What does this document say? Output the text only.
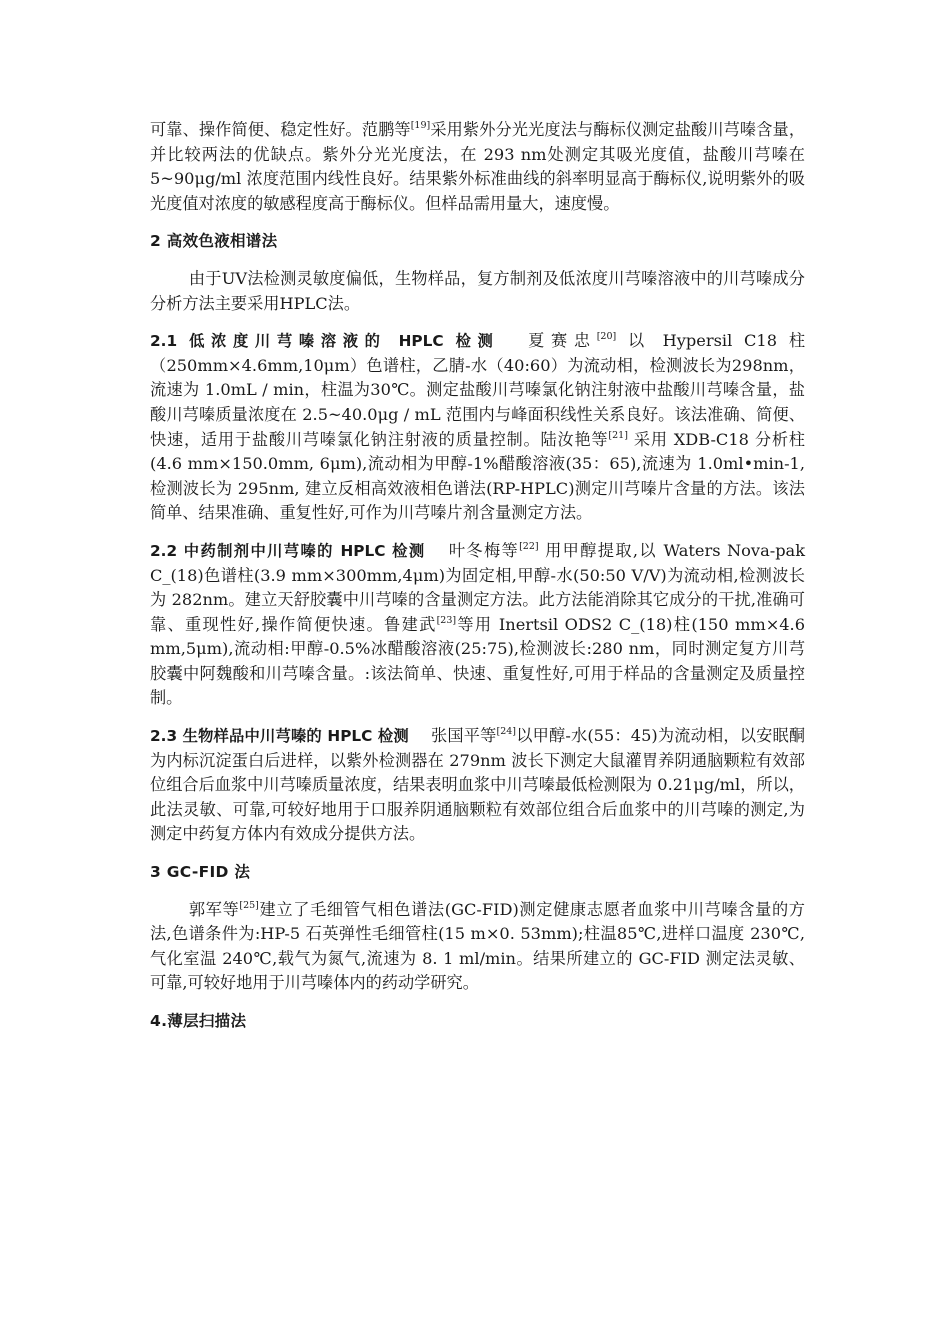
可靠、操作简便、稳定性好。范鹏等[19]采用紫外分光光度法与酶标仪测定盐酸川芎嗪含量，并比较两法的优缺点。紫外分光光度法，在 293 nm处测定其吸光度值，盐酸川芎嗪在 5~90μg/ml 浓度范围内线性良好。结果紫外标准曲线的斜率明显高于酶标仪,说明紫外的吸光度值对浓度的敏感程度高于酶标仪。但样品需用量大，速度慢。

2 高效色液相谱法

由于UV法检测灵敏度偏低，生物样品，复方制剂及低浓度川芎嗪溶液中的川芎嗪成分分析方法主要采用HPLC法。

2.1 低浓度川芎嗪溶液的 HPLC 检测 夏赛忠[20] 以 Hypersil C18 柱 （250mm×4.6mm,10μm）色谱柱，乙腈-水（40:60）为流动相，检测波长为298nm，流速为 1.0mL / min，柱温为30℃。测定盐酸川芎嗪氯化钠注射液中盐酸川芎嗪含量，盐酸川芎嗪质量浓度在 2.5~40.0μg / mL 范围内与峰面积线性关系良好。该法准确、简便、快速，适用于盐酸川芎嗪氯化钠注射液的质量控制。陆汝艳等[21] 采用 XDB-C18 分析柱(4.6 mm×150.0mm, 6μm),流动相为甲醇-1%醋酸溶液(35：65),流速为 1.0ml•min-1,检测波长为 295nm, 建立反相高效液相色谱法(RP-HPLC)测定川芎嗪片含量的方法。该法简单、结果准确、重复性好,可作为川芎嗪片剂含量测定方法。

2.2 中药制剂中川芎嗪的 HPLC 检测 叶冬梅等[22] 用甲醇提取,以 Waters Nova-pak C_(18)色谱柱(3.9 mm×300mm,4μm)为固定相,甲醇-水(50:50 V/V)为流动相,检测波长为 282nm。建立天舒胶囊中川芎嗪的含量测定方法。此方法能消除其它成分的干扰,准确可靠、重现性好,操作简便快速。鲁建武[23]等用 Inertsil ODS2 C_(18)柱(150 mm×4.6 mm,5μm),流动相:甲醇-0.5%冰醋酸溶液(25:75),检测波长:280 nm，同时测定复方川芎胶囊中阿魏酸和川芎嗪含量。:该法简单、快速、重复性好,可用于样品的含量测定及质量控制。

2.3 生物样品中川芎嗪的 HPLC 检测 张国平等[24]以甲醇-水(55：45)为流动相，以安眠酮为内标沉淀蛋白后进样，以紫外检测器在 279nm 波长下测定大鼠灌胃养阴通脑颗粒有效部位组合后血浆中川芎嗪质量浓度，结果表明血浆中川芎嗪最低检测限为 0.21μg/ml，所以，此法灵敏、可靠,可较好地用于口服养阴通脑颗粒有效部位组合后血浆中的川芎嗪的测定,为测定中药复方体内有效成分提供方法。

3 GC-FID 法

郭军等[25]建立了毛细管气相色谱法(GC-FID)测定健康志愿者血浆中川芎嗪含量的方法,色谱条件为:HP-5 石英弹性毛细管柱(15 m×0. 53mm);柱温85℃,进样口温度 230℃,气化室温 240℃,载气为氮气,流速为 8. 1 ml/min。结果所建立的 GC-FID 测定法灵敏、可靠,可较好地用于川芎嗪体内的药动学研究。

4.薄层扫描法
